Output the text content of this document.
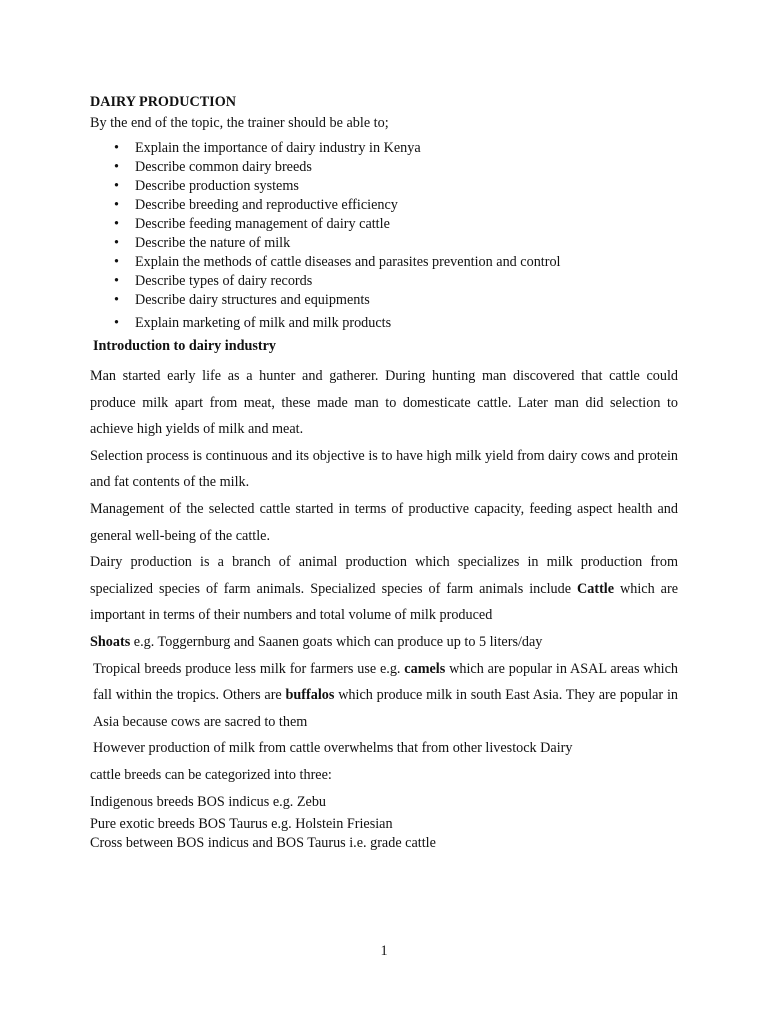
DAIRY PRODUCTION
By the end of the topic, the trainer should be able to;
• Explain the importance of dairy industry in Kenya
• Describe common dairy breeds
• Describe production systems
• Describe breeding and reproductive efficiency
• Describe feeding management of dairy cattle
• Describe the nature of milk
• Explain the methods of cattle diseases and parasites prevention and control
• Describe types of dairy records
• Describe dairy structures and equipments
• Explain marketing of milk and milk products
Introduction to dairy industry

Man started early life as a hunter and gatherer. During hunting man discovered that cattle could produce milk apart from meat, these made man to domesticate cattle. Later man did selection to achieve high yields of milk and meat.

Selection process is continuous and its objective is to have high milk yield from dairy cows and protein and fat contents of the milk.

Management of the selected cattle started in terms of productive capacity, feeding aspect health and general well-being of the cattle.

Dairy production is a branch of animal production which specializes in milk production from specialized species of farm animals. Specialized species of farm animals include Cattle which are important in terms of their numbers and total volume of milk produced

Shoats e.g. Toggernburg and Saanen goats which can produce up to 5 liters/day

Tropical breeds produce less milk for farmers use e.g. camels which are popular in ASAL areas which fall within the tropics. Others are buffalos which produce milk in south East Asia. They are popular in Asia because cows are sacred to them

However production of milk from cattle overwhelms that from other livestock Dairy

cattle breeds can be categorized into three:

Indigenous breeds BOS indicus e.g. Zebu

Pure exotic breeds BOS Taurus e.g. Holstein Friesian

Cross between BOS indicus and BOS Taurus i.e. grade cattle

1
